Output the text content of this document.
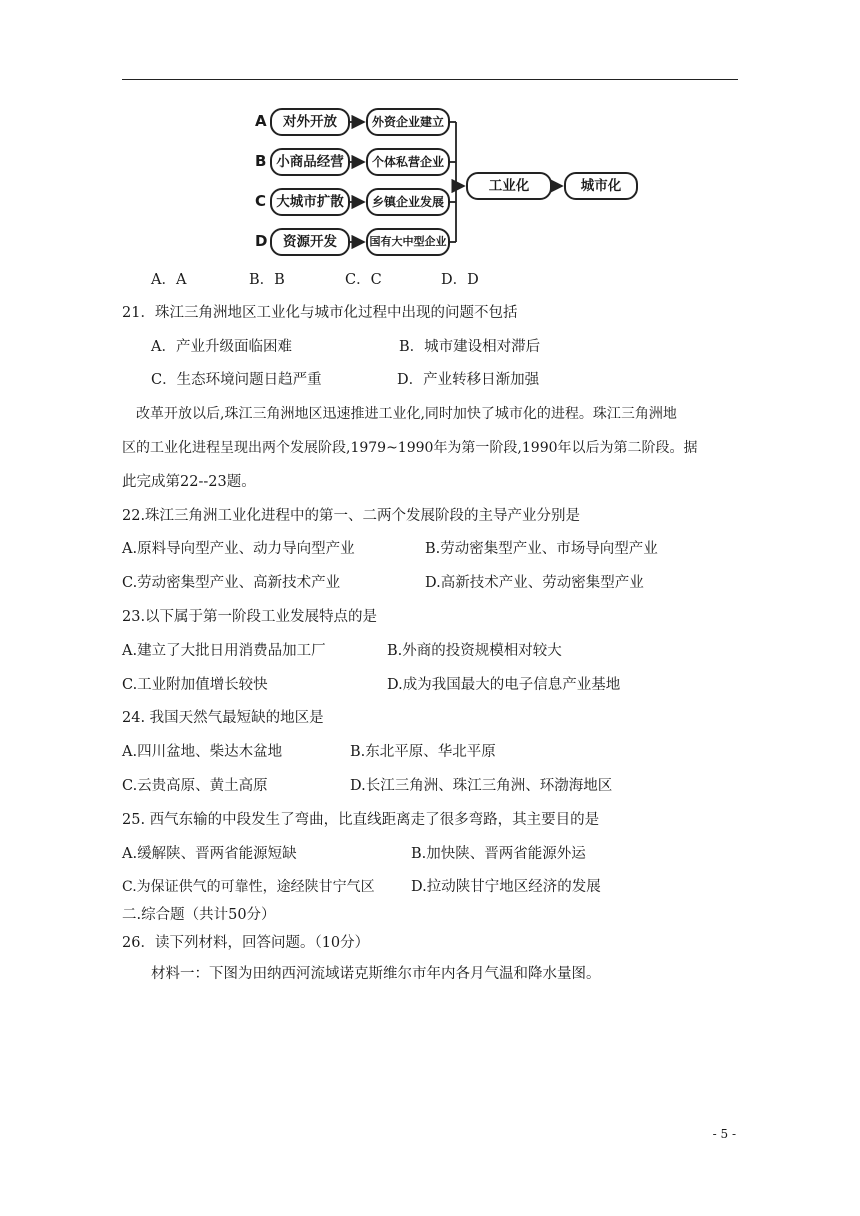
A
B
C
D
对外开放
小商品经营
大城市扩散
资源开发
外资企业建立
个体私营企业
乡镇企业发展
国有大中型企业
工业化	城市化
A．A	B．B	C．C	D．D
21．珠江三角洲地区工业化与城市化过程中出现的问题不包括
A．产业升级面临困难	B．城市建设相对滞后
C．生态环境问题日趋严重	D．产业转移日渐加强
改革开放以后,珠江三角洲地区迅速推进工业化,同时加快了城市化的进程。珠江三角洲地
区的工业化进程呈现出两个发展阶段,1979~1990年为第一阶段,1990年以后为第二阶段。据
此完成第22--23题。
22.珠江三角洲工业化进程中的第一、二两个发展阶段的主导产业分别是
A.原料导向型产业、动力导向型产业	B.劳动密集型产业、市场导向型产业
C.劳动密集型产业、高新技术产业	D.高新技术产业、劳动密集型产业
23.以下属于第一阶段工业发展特点的是
A.建立了大批日用消费品加工厂	B.外商的投资规模相对较大
C.工业附加值增长较快	D.成为我国最大的电子信息产业基地
24. 我国天然气最短缺的地区是
A.四川盆地、柴达木盆地	B.东北平原、华北平原
C.云贵高原、黄土高原	D.长江三角洲、珠江三角洲、环渤海地区
25. 西气东输的中段发生了弯曲，比直线距离走了很多弯路，其主要目的是
A.缓解陕、晋两省能源短缺	B.加快陕、晋两省能源外运
C.为保证供气的可靠性，途经陕甘宁气区	D.拉动陕甘宁地区经济的发展
二.综合题（共计50分）
26．读下列材料，回答问题。（10分）
材料一：下图为田纳西河流域诺克斯维尔市年内各月气温和降水量图。
- 5 -
